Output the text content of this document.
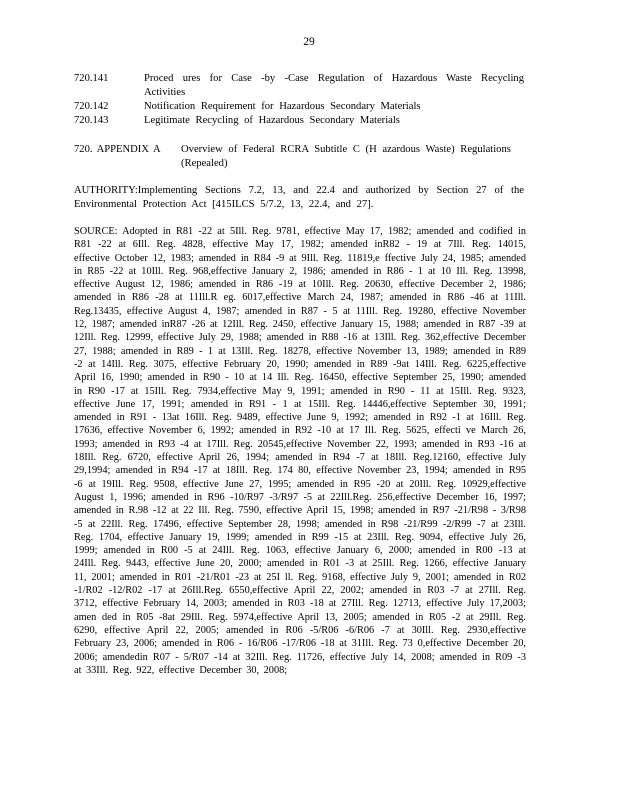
29
720.141	Proced ures for Case -by -Case Regulation of Hazardous Waste Recycling Activities
720.142	Notification Requirement for Hazardous Secondary Materials
720.143	Legitimate Recycling of Hazardous Secondary Materials
720. APPENDIX A	Overview of Federal RCRA Subtitle C (H azardous Waste) Regulations (Repealed)
AUTHORITY:Implementing Sections 7.2, 13, and 22.4 and authorized by Section 27 of the Environmental Protection Act [415ILCS 5/7.2, 13, 22.4, and 27].
SOURCE: Adopted in R81 -22 at 5Ill. Reg. 9781, effective May 17, 1982; amended and codified in R81 -22 at 6Ill. Reg. 4828, effective May 17, 1982; amended inR82 - 19 at 7Ill. Reg. 14015, effective October 12, 1983; amended in R84 -9 at 9Ill. Reg. 11819,e ffective July 24, 1985; amended in R85 -22 at 10Ill. Reg. 968,effective January 2, 1986; amended in R86 - 1 at 10 Ill. Reg. 13998, effective August 12, 1986; amended in R86 -19 at 10Ill. Reg. 20630, effective December 2, 1986; amended in R86 -28 at 11Ill.R eg. 6017,effective March 24, 1987; amended in R86 -46 at 11Ill. Reg.13435, effective August 4, 1987; amended in R87 - 5 at 11Ill. Reg. 19280, effective November 12, 1987; amended inR87 -26 at 12Ill. Reg. 2450, effective January 15, 1988; amended in R87 -39 at 12Ill. Reg. 12999, effective July 29, 1988; amended in R88 -16 at 13Ill. Reg. 362,effective December 27, 1988; amended in R89 - 1 at 13Ill. Reg. 18278, effective November 13, 1989; amended in R89 -2 at 14Ill. Reg. 3075, effective February 20, 1990; amended in R89 -9at 14Ill. Reg. 6225,effective April 16, 1990; amended in R90 - 10 at 14 Ill. Reg. 16450, effective September 25, 1990; amended in R90 -17 at 15Ill. Reg. 7934,effective May 9, 1991; amended in R90 - 11 at 15Ill. Reg. 9323, effective June 17, 1991; amended in R91 - 1 at 15Ill. Reg. 14446,effective September 30, 1991; amended in R91 - 13at 16Ill. Reg. 9489, effective June 9, 1992; amended in R92 -1 at 16Ill. Reg. 17636, effective November 6, 1992; amended in R92 -10 at 17 Ill. Reg. 5625, effecti ve March 26, 1993; amended in R93 -4 at 17Ill. Reg. 20545,effective November 22, 1993; amended in R93 -16 at 18Ill. Reg. 6720, effective April 26, 1994; amended in R94 -7 at 18Ill. Reg.12160, effective July 29,1994; amended in R94 -17 at 18Ill. Reg. 174 80, effective November 23, 1994; amended in R95 -6 at 19Ill. Reg. 9508, effective June 27, 1995; amended in R95 -20 at 20Ill. Reg. 10929,effective August 1, 1996; amended in R96 -10/R97 -3/R97 -5 at 22Ill.Reg. 256,effective December 16, 1997; amended in R.98 -12 at 22 Ill. Reg. 7590, effective April 15, 1998; amended in R97 -21/R98 - 3/R98 -5 at 22Ill. Reg. 17496, effective September 28, 1998; amended in R98 -21/R99 -2/R99 -7 at 23Ill. Reg. 1704, effective January 19, 1999; amended in R99 -15 at 23Ill. Reg. 9094, effective July 26, 1999; amended in R00 -5 at 24Ill. Reg. 1063, effective January 6, 2000; amended in R00 -13 at 24Ill. Reg. 9443, effective June 20, 2000; amended in R01 -3 at 25Ill. Reg. 1266, effective January 11, 2001; amended in R01 -21/R01 -23 at 25I ll. Reg. 9168, effective July 9, 2001; amended in R02 -1/R02 -12/R02 -17 at 26Ill.Reg. 6550,effective April 22, 2002; amended in R03 -7 at 27Ill. Reg. 3712, effective February 14, 2003; amended in R03 -18 at 27Ill. Reg. 12713, effective July 17,2003; amen ded in R05 -8at 29Ill. Reg. 5974,effective April 13, 2005; amended in R05 -2 at 29Ill. Reg. 6290, effective April 22, 2005; amended in R06 -5/R06 -6/R06 -7 at 30Ill. Reg. 2930,effective February 23, 2006; amended in R06 - 16/R06 -17/R06 -18 at 31Ill. Reg. 73 0,effective December 20, 2006; amendedin R07 - 5/R07 -14 at 32Ill. Reg. 11726, effective July 14, 2008; amended in R09 -3 at 33Ill. Reg. 922, effective December 30, 2008;
